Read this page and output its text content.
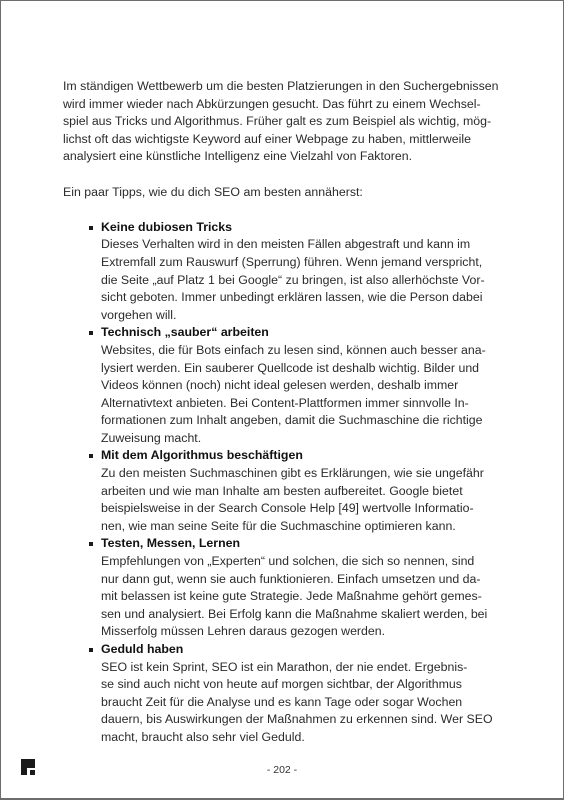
Im ständigen Wettbewerb um die besten Platzierungen in den Suchergebnissen
wird immer wieder nach Abkürzungen gesucht. Das führt zu einem Wechsel-
spiel aus Tricks und Algorithmus. Früher galt es zum Beispiel als wichtig, mög-
lichst oft das wichtigste Keyword auf einer Webpage zu haben, mittlerweile
analysiert eine künstliche Intelligenz eine Vielzahl von Faktoren.

Ein paar Tipps, wie du dich SEO am besten annäherst:

Keine dubiosen Tricks
Dieses Verhalten wird in den meisten Fällen abgestraft und kann im
Extremfall zum Rauswurf (Sperrung) führen. Wenn jemand verspricht,
die Seite „auf Platz 1 bei Google“ zu bringen, ist also allerhöchste Vor-
sicht geboten. Immer unbedingt erklären lassen, wie die Person dabei
vorgehen will.
Technisch „sauber“ arbeiten
Websites, die für Bots einfach zu lesen sind, können auch besser ana-
lysiert werden. Ein sauberer Quellcode ist deshalb wichtig. Bilder und
Videos können (noch) nicht ideal gelesen werden, deshalb immer
Alternativtext anbieten. Bei Content-Plattformen immer sinnvolle In-
formationen zum Inhalt angeben, damit die Suchmaschine die richtige
Zuweisung macht.
Mit dem Algorithmus beschäftigen
Zu den meisten Suchmaschinen gibt es Erklärungen, wie sie ungefähr
arbeiten und wie man Inhalte am besten aufbereitet. Google bietet
beispielsweise in der Search Console Help [49] wertvolle Informatio-
nen, wie man seine Seite für die Suchmaschine optimieren kann.
Testen, Messen, Lernen
Empfehlungen von „Experten“ und solchen, die sich so nennen, sind
nur dann gut, wenn sie auch funktionieren. Einfach umsetzen und da-
mit belassen ist keine gute Strategie. Jede Maßnahme gehört gemes-
sen und analysiert. Bei Erfolg kann die Maßnahme skaliert werden, bei
Misserfolg müssen Lehren daraus gezogen werden.
Geduld haben
SEO ist kein Sprint, SEO ist ein Marathon, der nie endet. Ergebnis-
se sind auch nicht von heute auf morgen sichtbar, der Algorithmus
braucht Zeit für die Analyse und es kann Tage oder sogar Wochen
dauern, bis Auswirkungen der Maßnahmen zu erkennen sind. Wer SEO
macht, braucht also sehr viel Geduld.
- 202 -
